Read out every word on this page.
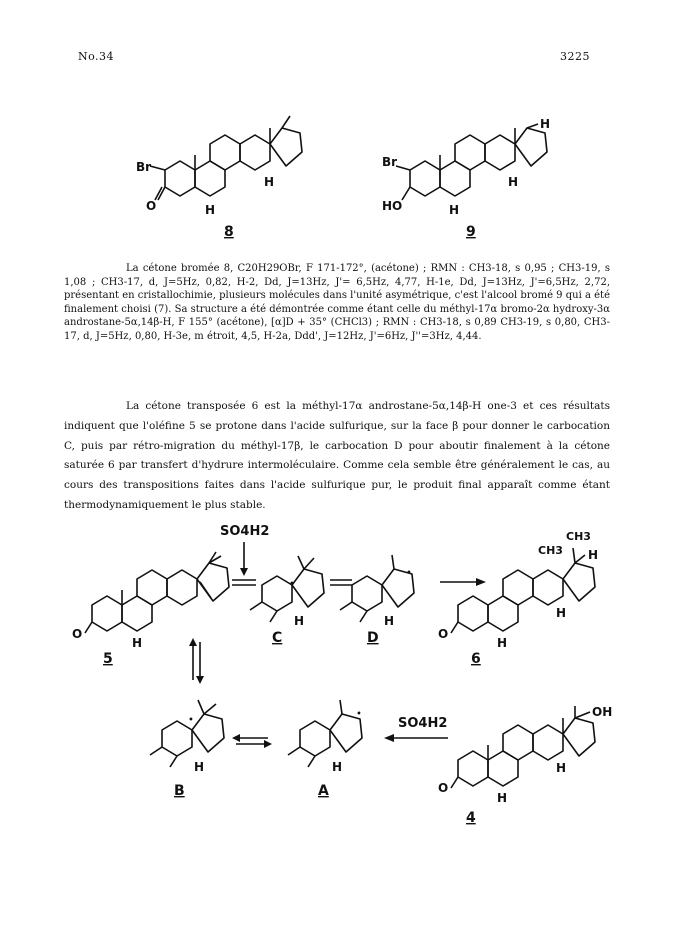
No.34	3225
La cétone bromée 8, C20H29OBr, F 171-172°, (acétone) ; RMN : CH3-18, s 0,95 ; CH3-19, s 1,08 ; CH3-17, d, J=5Hz, 0,82, H-2, Dd, J=13Hz, J'= 6,5Hz, 4,77, H-1e, Dd, J=13Hz, J'=6,5Hz, 2,72, présentant en cristallochimie, plusieurs molécules dans l'unité asymétrique, c'est l'alcool bromé 9 qui a été finalement choisi (7). Sa structure a été démontrée comme étant celle du méthyl-17α bromo-2α hydroxy-3α androstane-5α,14β-H, F 155° (acétone), [α]D + 35° (CHCl3) ; RMN : CH3-18, s 0,89 CH3-19, s 0,80, CH3-17, d, J=5Hz, 0,80, H-3e, m étroit, 4,5, H-2a, Ddd', J=12Hz, J'=6Hz, J''=3Hz, 4,44.
La cétone transposée 6 est la méthyl-17α androstane-5α,14β-H one-3 et ces résultats indiquent que l'oléfine 5 se protone dans l'acide sulfurique, sur la face β pour donner le carbocation C, puis par rétro-migration du méthyl-17β, le carbocation D pour aboutir finalement à la cétone saturée 6 par transfert d'hydrure intermoléculaire. Comme cela semble être généralement le cas, au cours des transpositions faites dans l'acide sulfurique pur, le produit final apparaît comme étant thermodynamiquement le plus stable.
Br
O	H
H
8
Br
HO	H
H
H
9
O
H
5
SO4H2
•
H
C
•
H
D
CH3
CH3
H
O
H
H
6
•
H
B
•
H
A
SO4H2
OH
O
H
H
4
